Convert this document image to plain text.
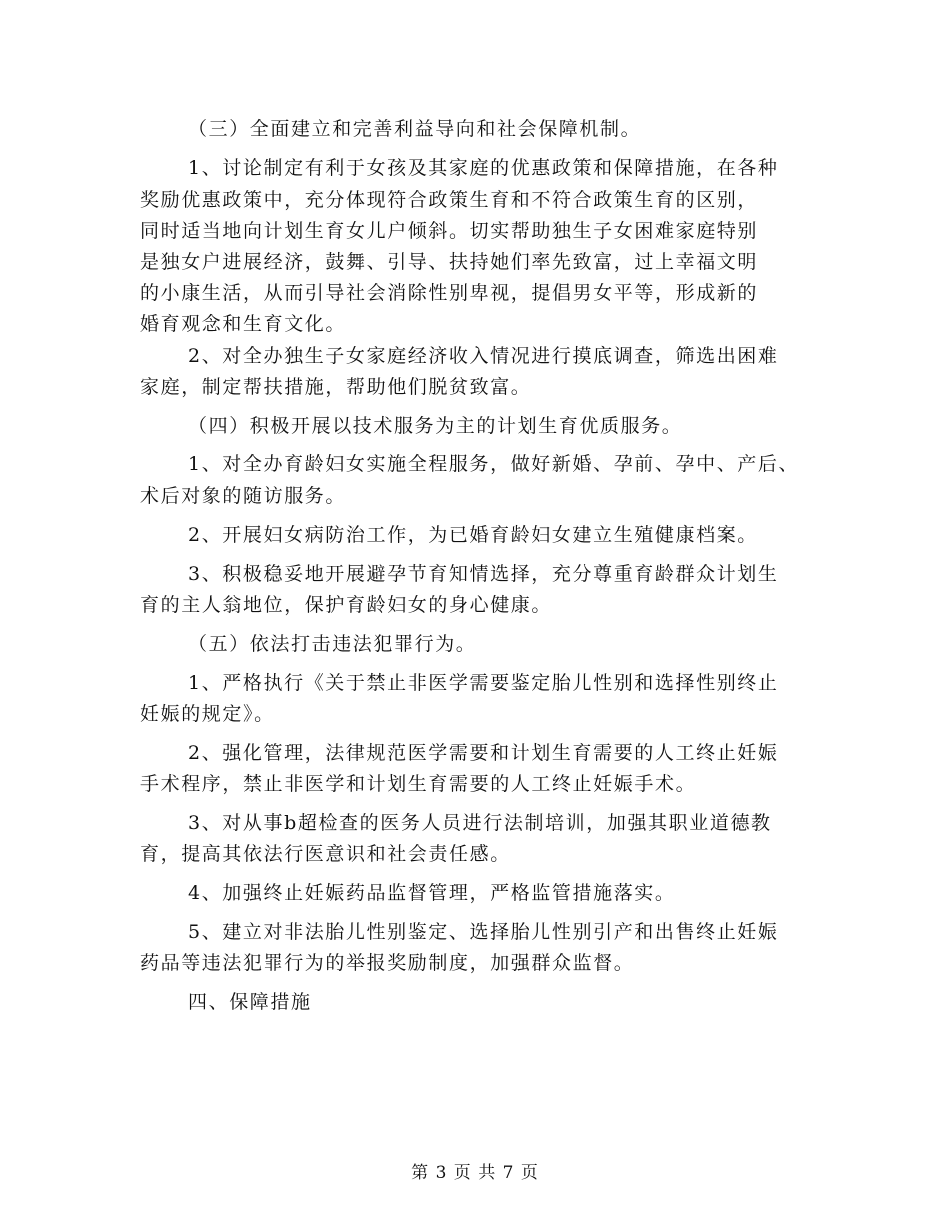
（三）全面建立和完善利益导向和社会保障机制。
1、讨论制定有利于女孩及其家庭的优惠政策和保障措施，在各种
奖励优惠政策中，充分体现符合政策生育和不符合政策生育的区别，
同时适当地向计划生育女儿户倾斜。切实帮助独生子女困难家庭特别
是独女户进展经济，鼓舞、引导、扶持她们率先致富，过上幸福文明
的小康生活，从而引导社会消除性别卑视，提倡男女平等，形成新的
婚育观念和生育文化。
2、对全办独生子女家庭经济收入情况进行摸底调查，筛选出困难
家庭，制定帮扶措施，帮助他们脱贫致富。
（四）积极开展以技术服务为主的计划生育优质服务。
1、对全办育龄妇女实施全程服务，做好新婚、孕前、孕中、产后、
术后对象的随访服务。
2、开展妇女病防治工作，为已婚育龄妇女建立生殖健康档案。
3、积极稳妥地开展避孕节育知情选择，充分尊重育龄群众计划生
育的主人翁地位，保护育龄妇女的身心健康。
（五）依法打击违法犯罪行为。
1、严格执行《关于禁止非医学需要鉴定胎儿性别和选择性别终止
妊娠的规定》。
2、强化管理，法律规范医学需要和计划生育需要的人工终止妊娠
手术程序，禁止非医学和计划生育需要的人工终止妊娠手术。
3、对从事b超检查的医务人员进行法制培训，加强其职业道德教
育，提高其依法行医意识和社会责任感。
4、加强终止妊娠药品监督管理，严格监管措施落实。
5、建立对非法胎儿性别鉴定、选择胎儿性别引产和出售终止妊娠
药品等违法犯罪行为的举报奖励制度，加强群众监督。
四、保障措施
第 3 页 共 7 页
